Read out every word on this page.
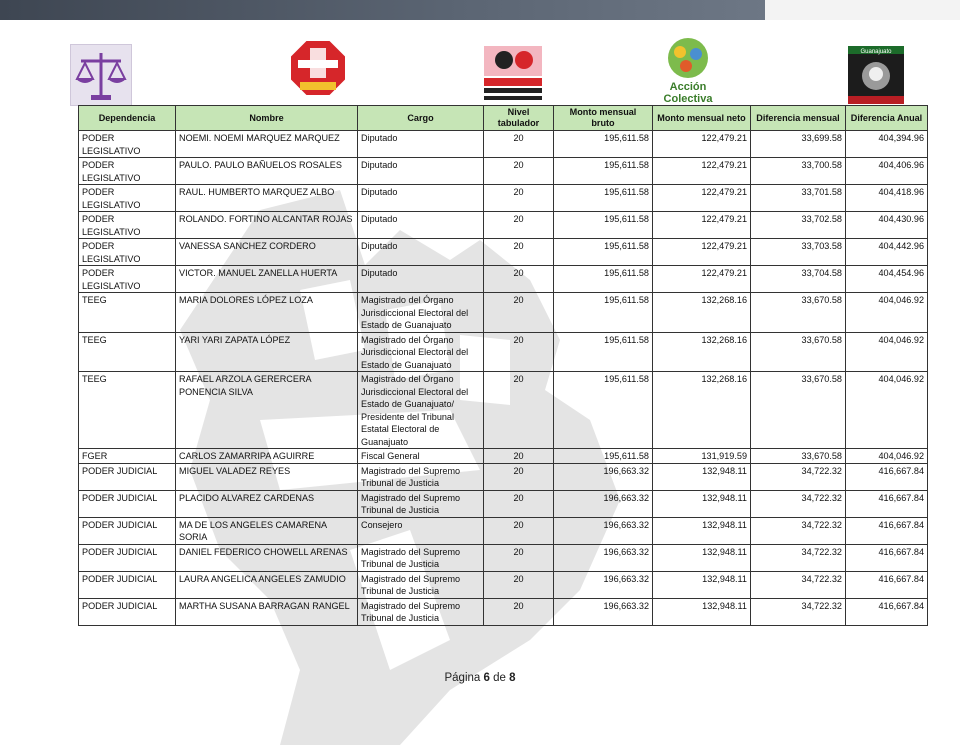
Acción
Colectiva
Guanajuato
Dependencia	Nombre	Cargo	Nivel tabulador	Monto mensual bruto	Monto mensual neto	Diferencia mensual	Diferencia Anual
PODER LEGISLATIVO	NOEMI. NOEMI MARQUEZ MARQUEZ	Diputado	20	195,611.58	122,479.21	33,699.58	404,394.96
PODER LEGISLATIVO	PAULO. PAULO BAÑUELOS ROSALES	Diputado	20	195,611.58	122,479.21	33,700.58	404,406.96
PODER LEGISLATIVO	RAUL. HUMBERTO MARQUEZ ALBO	Diputado	20	195,611.58	122,479.21	33,701.58	404,418.96
PODER LEGISLATIVO	ROLANDO. FORTINO ALCANTAR ROJAS	Diputado	20	195,611.58	122,479.21	33,702.58	404,430.96
PODER LEGISLATIVO	VANESSA SANCHEZ CORDERO	Diputado	20	195,611.58	122,479.21	33,703.58	404,442.96
PODER LEGISLATIVO	VICTOR. MANUEL ZANELLA HUERTA	Diputado	20	195,611.58	122,479.21	33,704.58	404,454.96
TEEG	MARIA DOLORES LÓPEZ LOZA	Magistrado del Órgano Jurisdiccional Electoral del Estado de Guanajuato	20	195,611.58	132,268.16	33,670.58	404,046.92
TEEG	YARI YARI ZAPATA LÓPEZ	Magistrado del Órgano Jurisdiccional Electoral del Estado de Guanajuato	20	195,611.58	132,268.16	33,670.58	404,046.92
TEEG	RAFAEL ARZOLA GERERCERA PONENCIA SILVA	Magistrado del Órgano Jurisdiccional Electoral del Estado de Guanajuato/ Presidente del Tribunal Estatal Electoral de Guanajuato	20	195,611.58	132,268.16	33,670.58	404,046.92
FGER	CARLOS ZAMARRIPA AGUIRRE	Fiscal General	20	195,611.58	131,919.59	33,670.58	404,046.92
PODER JUDICIAL	MIGUEL VALADEZ REYES	Magistrado del Supremo Tribunal de Justicia	20	196,663.32	132,948.11	34,722.32	416,667.84
PODER JUDICIAL	PLACIDO ALVAREZ CARDENAS	Magistrado del Supremo Tribunal de Justicia	20	196,663.32	132,948.11	34,722.32	416,667.84
PODER JUDICIAL	MA DE LOS ANGELES CAMARENA SORIA	Consejero	20	196,663.32	132,948.11	34,722.32	416,667.84
PODER JUDICIAL	DANIEL FEDERICO CHOWELL ARENAS	Magistrado del Supremo Tribunal de Justicia	20	196,663.32	132,948.11	34,722.32	416,667.84
PODER JUDICIAL	LAURA ANGELICA ANGELES ZAMUDIO	Magistrado del Supremo Tribunal de Justicia	20	196,663.32	132,948.11	34,722.32	416,667.84
PODER JUDICIAL	MARTHA SUSANA BARRAGAN RANGEL	Magistrado del Supremo Tribunal de Justicia	20	196,663.32	132,948.11	34,722.32	416,667.84
Página 6 de 8
